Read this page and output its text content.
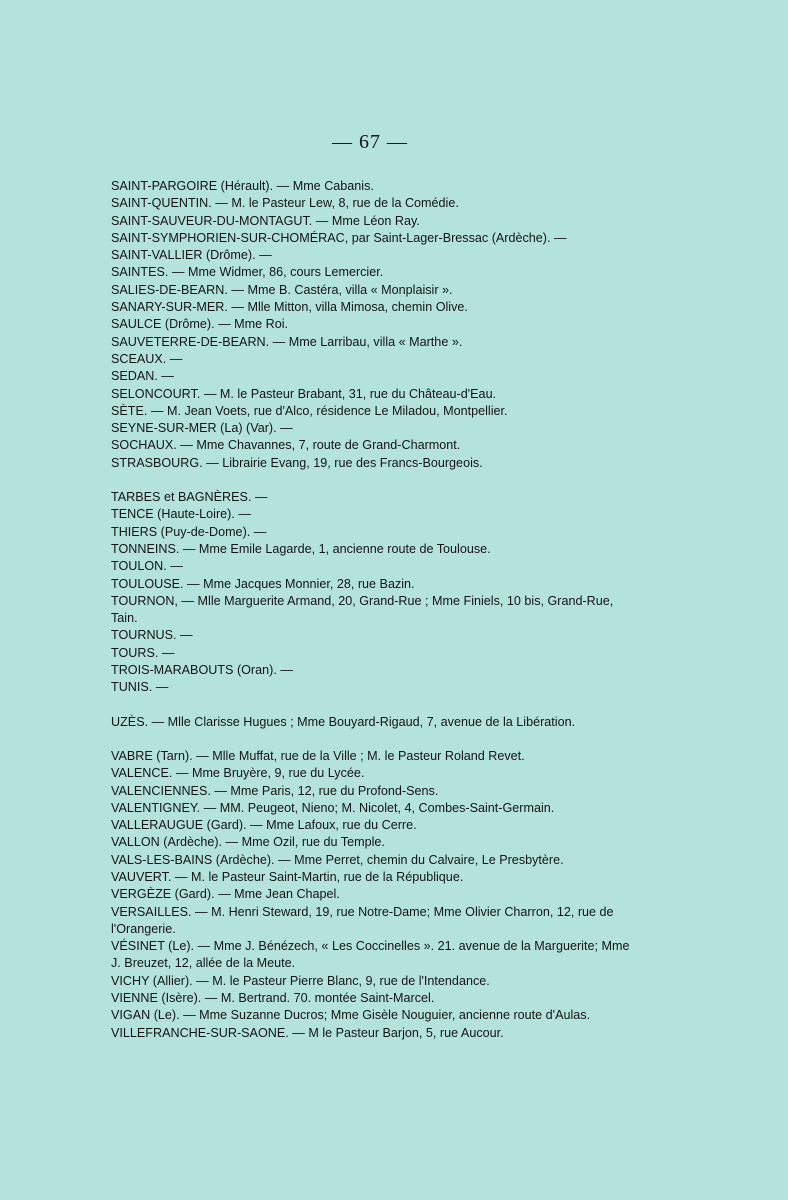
— 67 —

SAINT-PARGOIRE (Hérault). — Mme Cabanis.

SAINT-QUENTIN. — M. le Pasteur Lew, 8, rue de la Comédie.

SAINT-SAUVEUR-DU-MONTAGUT. — Mme Léon Ray.

SAINT-SYMPHORIEN-SUR-CHOMÉRAC, par Saint-Lager-Bressac (Ardèche). —

SAINT-VALLIER (Drôme). —

SAINTES. — Mme Widmer, 86, cours Lemercier.

SALIES-DE-BEARN. — Mme B. Castéra, villa « Monplaisir ».

SANARY-SUR-MER. — Mlle Mitton, villa Mimosa, chemin Olive.

SAULCE (Drôme). — Mme Roi.

SAUVETERRE-DE-BEARN. — Mme Larribau, villa « Marthe ».

SCEAUX. —

SEDAN. —

SELONCOURT. — M. le Pasteur Brabant, 31, rue du Château-d'Eau.

SÈTE. — M. Jean Voets, rue d'Alco, résidence Le Miladou, Montpellier.

SEYNE-SUR-MER (La) (Var). —

SOCHAUX. — Mme Chavannes, 7, route de Grand-Charmont.

STRASBOURG. — Librairie Evang, 19, rue des Francs-Bourgeois.

TARBES et BAGNÈRES. —

TENCE (Haute-Loire). —

THIERS (Puy-de-Dome). —

TONNEINS. — Mme Emile Lagarde, 1, ancienne route de Toulouse.

TOULON. —

TOULOUSE. — Mme Jacques Monnier, 28, rue Bazin.

TOURNON, — Mlle Marguerite Armand, 20, Grand-Rue ; Mme Finiels, 10 bis, Grand-Rue, Tain.

TOURNUS. —

TOURS. —

TROIS-MARABOUTS (Oran). —

TUNIS. —

UZÈS. — Mlle Clarisse Hugues ; Mme Bouyard-Rigaud, 7, avenue de la Libération.

VABRE (Tarn). — Mlle Muffat, rue de la Ville ; M. le Pasteur Roland Revet.

VALENCE. — Mme Bruyère, 9, rue du Lycée.

VALENCIENNES. — Mme Paris, 12, rue du Profond-Sens.

VALENTIGNEY. — MM. Peugeot, Nieno; M. Nicolet, 4, Combes-Saint-Germain.

VALLERAUGUE (Gard). — Mme Lafoux, rue du Cerre.

VALLON (Ardèche). — Mme Ozil, rue du Temple.

VALS-LES-BAINS (Ardèche). — Mme Perret, chemin du Calvaire, Le Presbytère.

VAUVERT. — M. le Pasteur Saint-Martin, rue de la République.

VERGÈZE (Gard). — Mme Jean Chapel.

VERSAILLES. — M. Henri Steward, 19, rue Notre-Dame; Mme Olivier Charron, 12, rue de l'Orangerie.

VÉSINET (Le). — Mme J. Bénézech, « Les Coccinelles ». 21. avenue de la Marguerite; Mme J. Breuzet, 12, allée de la Meute.

VICHY (Allier). — M. le Pasteur Pierre Blanc, 9, rue de l'Intendance.

VIENNE (Isère). — M. Bertrand. 70. montée Saint-Marcel.

VIGAN (Le). — Mme Suzanne Ducros; Mme Gisèle Nouguier, ancienne route d'Aulas.

VILLEFRANCHE-SUR-SAONE. — M le Pasteur Barjon, 5, rue Aucour.
